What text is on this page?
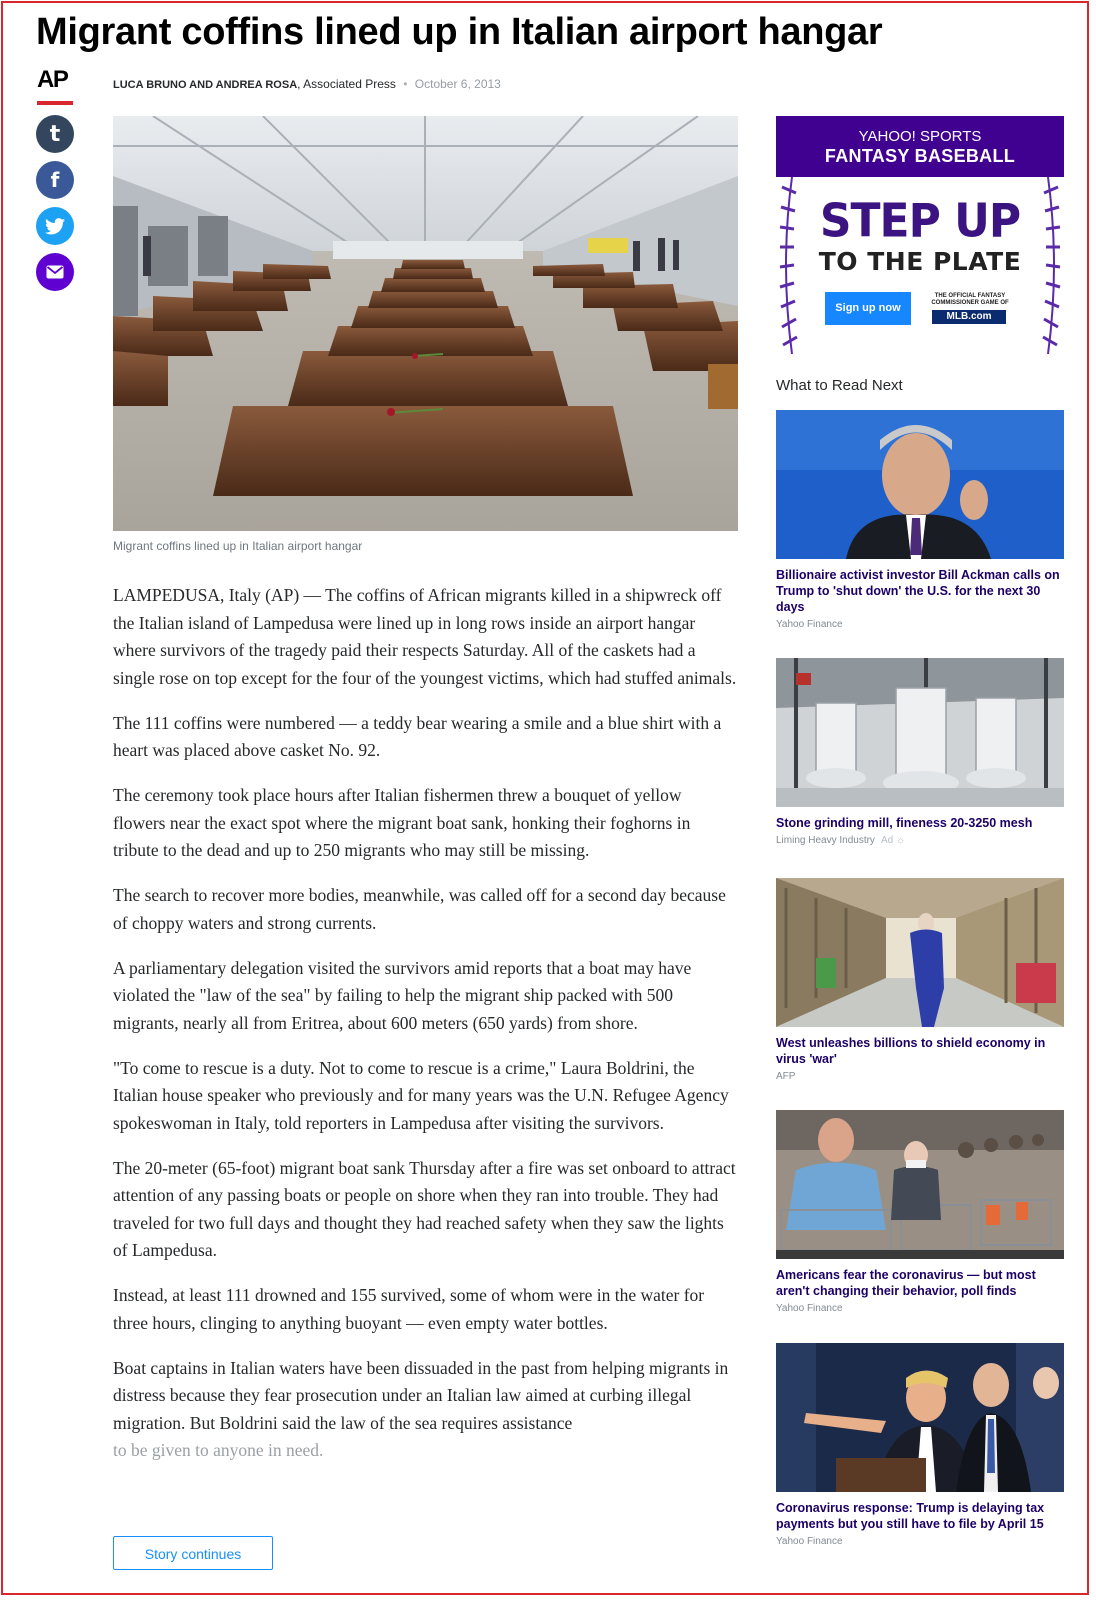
Migrant coffins lined up in Italian airport hangar
AP	LUCA BRUNO AND ANDREA ROSA, Associated Press • October 6, 2013
t
f
Migrant coffins lined up in Italian airport hangar

LAMPEDUSA, Italy (AP) — The coffins of African migrants killed in a shipwreck off the Italian island of Lampedusa were lined up in long rows inside an airport hangar where survivors of the tragedy paid their respects Saturday. All of the caskets had a single rose on top except for the four of the youngest victims, which had stuffed animals.

The 111 coffins were numbered — a teddy bear wearing a smile and a blue shirt with a heart was placed above casket No. 92.

The ceremony took place hours after Italian fishermen threw a bouquet of yellow flowers near the exact spot where the migrant boat sank, honking their foghorns in tribute to the dead and up to 250 migrants who may still be missing.

The search to recover more bodies, meanwhile, was called off for a second day because of choppy waters and strong currents.

A parliamentary delegation visited the survivors amid reports that a boat may have violated the "law of the sea" by failing to help the migrant ship packed with 500 migrants, nearly all from Eritrea, about 600 meters (650 yards) from shore.

"To come to rescue is a duty. Not to come to rescue is a crime," Laura Boldrini, the Italian house speaker who previously and for many years was the U.N. Refugee Agency spokeswoman in Italy, told reporters in Lampedusa after visiting the survivors.

The 20-meter (65-foot) migrant boat sank Thursday after a fire was set onboard to attract attention of any passing boats or people on shore when they ran into trouble. They had traveled for two full days and thought they had reached safety when they saw the lights of Lampedusa.

Instead, at least 111 drowned and 155 survived, some of whom were in the water for three hours, clinging to anything buoyant — even empty water bottles.

Boat captains in Italian waters have been dissuaded in the past from helping migrants in distress because they fear prosecution under an Italian law aimed at curbing illegal migration. But Boldrini said the law of the sea requires assistance

to be given to anyone in need.

Story continues
YAHOO! SPORTS
FANTASY BASEBALL
STEP UP
TO THE PLATE
Sign up now
THE OFFICIAL FANTASY COMMISSIONER GAME OF
MLB.com
What to Read Next
Billionaire activist investor Bill Ackman calls on Trump to 'shut down' the U.S. for the next 30 days
Yahoo Finance
Stone grinding mill, fineness 20-3250 mesh
Liming Heavy Industry Ad ☼
West unleashes billions to shield economy in virus 'war'
AFP
Americans fear the coronavirus — but most aren't changing their behavior, poll finds
Yahoo Finance
Coronavirus response: Trump is delaying tax payments but you still have to file by April 15
Yahoo Finance
